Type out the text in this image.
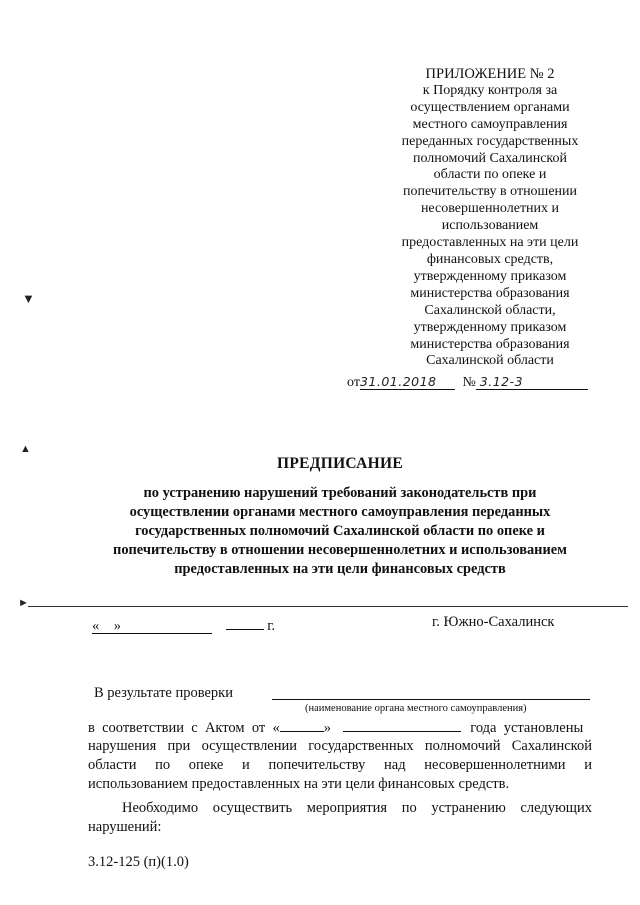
ПРИЛОЖЕНИЕ № 2
к Порядку контроля за
осуществлением органами
местного самоуправления
переданных государственных
полномочий Сахалинской
области по опеке и
попечительству в отношении
несовершеннолетних и
использованием
предоставленных на эти цели
финансовых средств,
утвержденному приказом
министерства образования
Сахалинской области,
утвержденному приказом
министерства образования
Сахалинской области
от31.01.2018 № 3.12-3
▼
▲
►
ПРЕДПИСАНИЕ
по устранению нарушений требований законодательств при
осуществлении органами местного самоуправления переданных
государственных полномочий Сахалинской области по опеке и
попечительству в отношении несовершеннолетних и использованием
предоставленных на эти цели финансовых средств
«    »	г.	г. Южно-Сахалинск
В результате проверки
(наименование органа местного самоуправления)
в  соответствии  с  Актом  от  «	»	года  установлены
нарушения  при  осуществлении  государственных  полномочий  Сахалинской
области   по   опеке   и   попечительству   над   несовершеннолетними   и
использованием предоставленных на эти цели финансовых средств.
Необходимо  осуществить  мероприятия  по  устранению  следующих
нарушений:
3.12-125 (п)(1.0)
